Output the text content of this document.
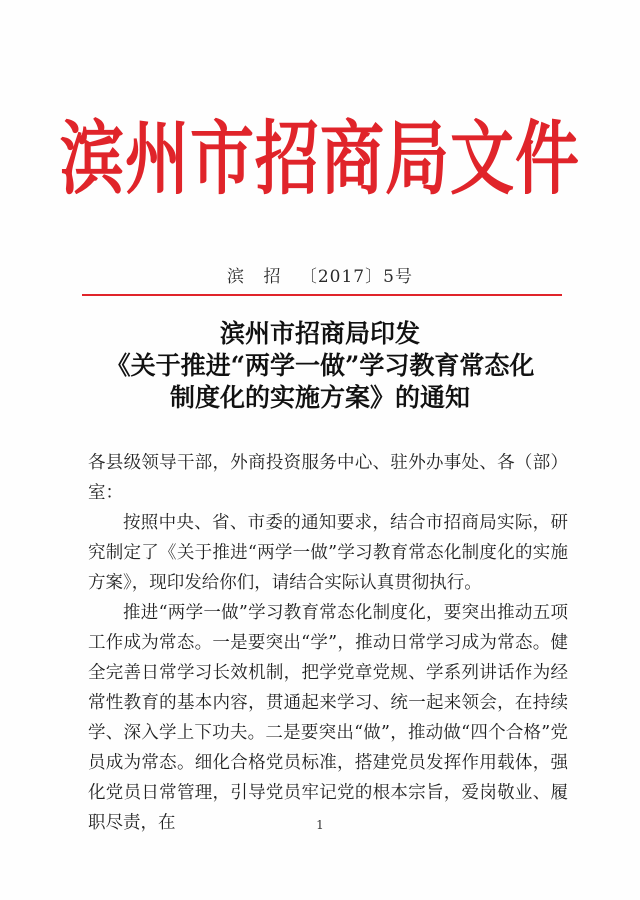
滨州市招商局文件
滨 招 〔2017〕5号
滨州市招商局印发
《关于推进“两学一做”学习教育常态化
制度化的实施方案》的通知

各县级领导干部，外商投资服务中心、驻外办事处、各（部）室：

按照中央、省、市委的通知要求，结合市招商局实际，研究制定了《关于推进“两学一做”学习教育常态化制度化的实施方案》，现印发给你们，请结合实际认真贯彻执行。

推进“两学一做”学习教育常态化制度化，要突出推动五项工作成为常态。一是要突出“学”，推动日常学习成为常态。健全完善日常学习长效机制，把学党章党规、学系列讲话作为经常性教育的基本内容，贯通起来学习、统一起来领会，在持续学、深入学上下功夫。二是要突出“做”，推动做“四个合格”党员成为常态。细化合格党员标准，搭建党员发挥作用载体，强化党员日常管理，引导党员牢记党的根本宗旨，爱岗敬业、履职尽责，在	1
